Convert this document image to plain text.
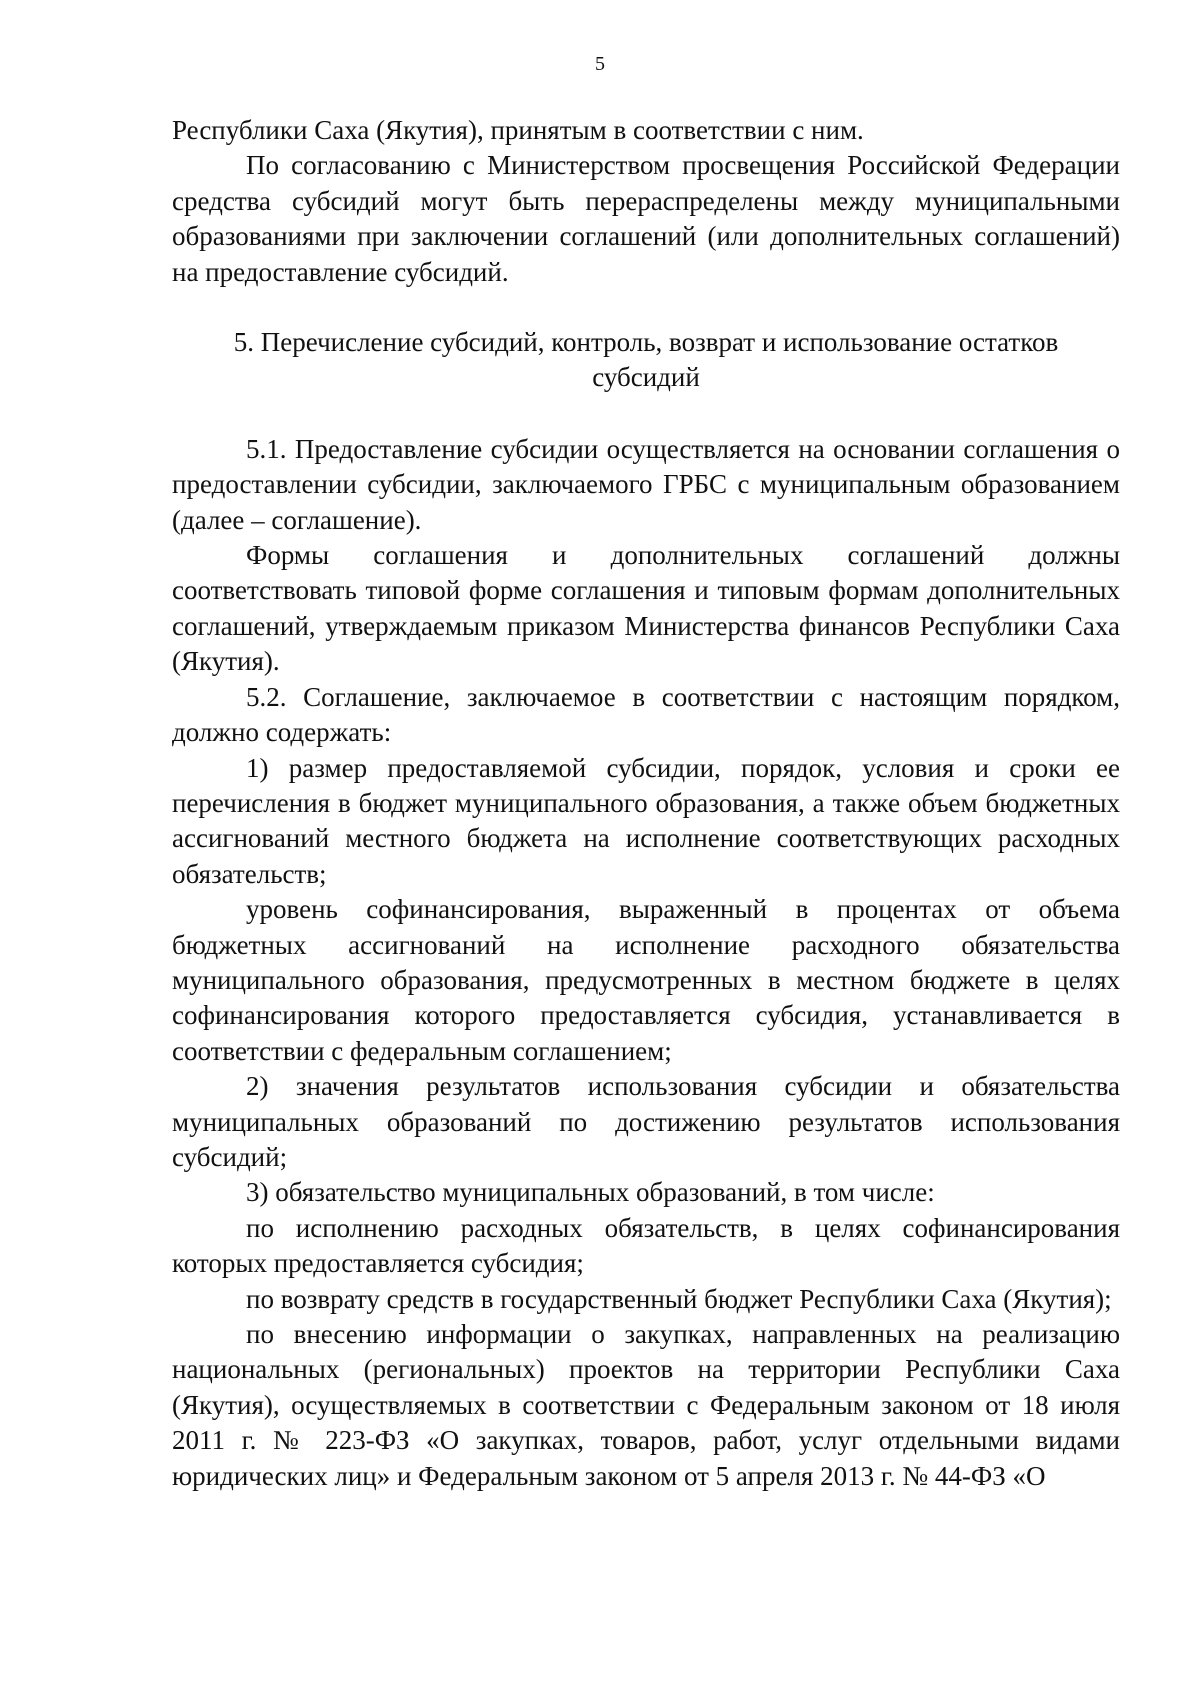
5

Республики Саха (Якутия), принятым в соответствии с ним.

По согласованию с Министерством просвещения Российской Федерации средства субсидий могут быть перераспределены между муниципальными образованиями при заключении соглашений (или дополнительных соглашений) на предоставление субсидий.

5. Перечисление субсидий, контроль, возврат и использование остатков субсидий

5.1. Предоставление субсидии осуществляется на основании соглашения о предоставлении субсидии, заключаемого ГРБС с муниципальным образованием (далее – соглашение).

Формы соглашения и дополнительных соглашений должны соответствовать типовой форме соглашения и типовым формам дополнительных соглашений, утверждаемым приказом Министерства финансов Республики Саха (Якутия).

5.2. Соглашение, заключаемое в соответствии с настоящим порядком, должно содержать:

1) размер предоставляемой субсидии, порядок, условия и сроки ее перечисления в бюджет муниципального образования, а также объем бюджетных ассигнований местного бюджета на исполнение соответствующих расходных обязательств;

уровень софинансирования, выраженный в процентах от объема бюджетных ассигнований на исполнение расходного обязательства муниципального образования, предусмотренных в местном бюджете в целях софинансирования которого предоставляется субсидия, устанавливается в соответствии с федеральным соглашением;

2) значения результатов использования субсидии и обязательства муниципальных образований по достижению результатов использования субсидий;

3) обязательство муниципальных образований, в том числе:

по исполнению расходных обязательств, в целях софинансирования которых предоставляется субсидия;

по возврату средств в государственный бюджет Республики Саха (Якутия);

по внесению информации о закупках, направленных на реализацию национальных (региональных) проектов на территории Республики Саха (Якутия), осуществляемых в соответствии с Федеральным законом от 18 июля 2011 г. № 223-ФЗ «О закупках, товаров, работ, услуг отдельными видами юридических лиц» и Федеральным законом от 5 апреля 2013 г. № 44-ФЗ «О
